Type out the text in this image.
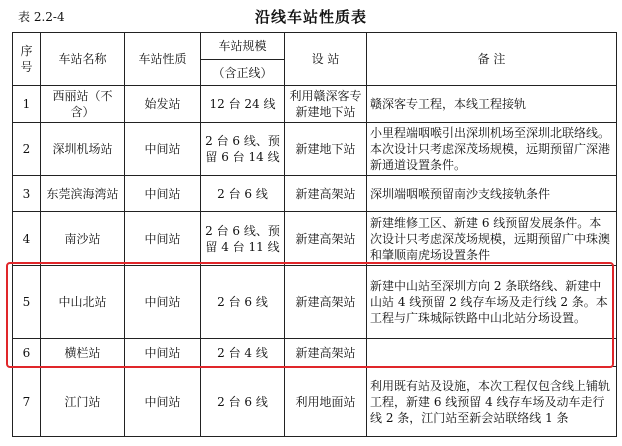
表 2.2-4	沿线车站性质表
序号	车站名称	车站性质	车站规模	设 站	备 注
			（含正线）		
1	西丽站（不含）	始发站	12 台 24 线	利用赣深客专新建地下站	赣深客专工程，本线工程接轨
2	深圳机场站	中间站	2 台 6 线、预留 6 台 14 线	新建地下站	小里程端咽喉引出深圳机场至深圳北联络线。本次设计只考虑深茂场规模，远期预留广深港新通道设置条件。
3	东莞滨海湾站	中间站	2 台 6 线	新建高架站	深圳端咽喉预留南沙支线接轨条件
4	南沙站	中间站	2 台 6 线、预留 4 台 11 线	新建高架站	新建维修工区、新建 6 线预留发展条件。本次设计只考虑深茂场规模，远期预留广中珠澳和肇顺南虎场设置条件
5	中山北站	中间站	2 台 6 线	新建高架站	新建中山站至深圳方向 2 条联络线、新建中山站 4 线预留 2 线存车场及走行线 2 条。本工程与广珠城际铁路中山北站分场设置。
6	横栏站	中间站	2 台 4 线	新建高架站	
7	江门站	中间站	2 台 6 线	利用地面站	利用既有站及设施，本次工程仅包含线上铺轨工程，新建 6 线预留 4 线存车场及动车走行线 2 条，江门站至新会站联络线 1 条
